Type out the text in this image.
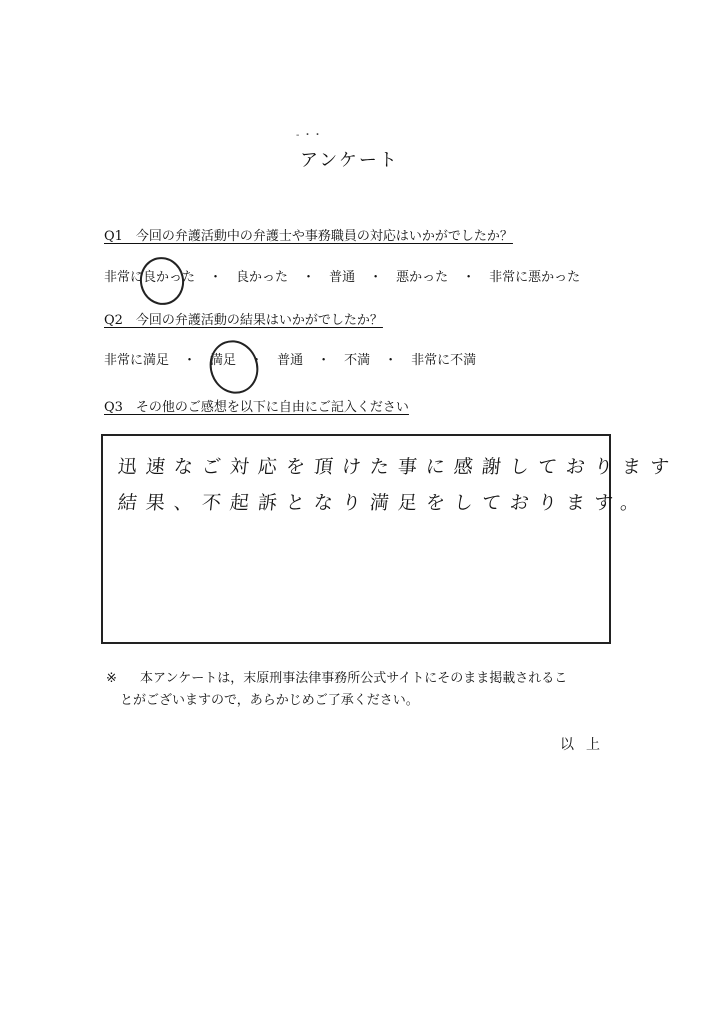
- ・・
アンケート
Q1　今回の弁護活動中の弁護士や事務職員の対応はいかがでしたか？
非常に良かった ・ 良かった ・ 普通 ・ 悪かった ・ 非常に悪かった
Q2　今回の弁護活動の結果はいかがでしたか？
非常に満足 ・ 満足 ・ 普通 ・ 不満 ・ 非常に不満
Q3　その他のご感想を以下に自由にご記入ください
迅速なご対応を頂けた事に感謝しております
結果、不起訴となり満足をしております。
※ 本アンケートは，末原刑事法律事務所公式サイトにそのまま掲載されるこ
とがございますので，あらかじめご了承ください。
以上
